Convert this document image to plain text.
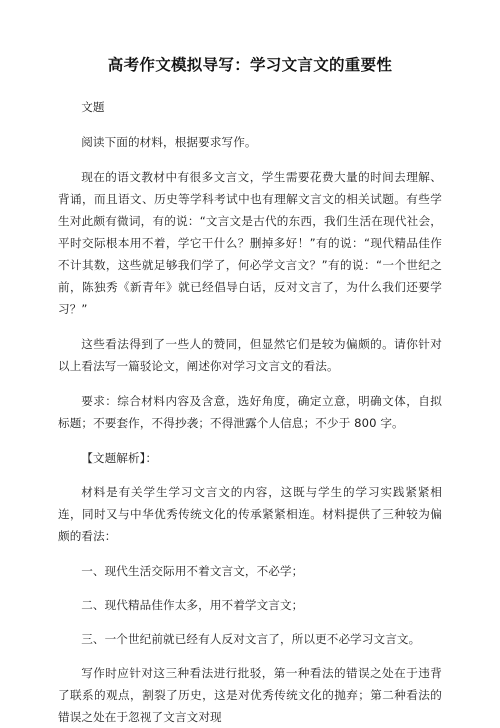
高考作文模拟导写：学习文言文的重要性

文题

阅读下面的材料，根据要求写作。

现在的语文教材中有很多文言文，学生需要花费大量的时间去理解、背诵，而且语文、历史等学科考试中也有理解文言文的相关试题。有些学生对此颇有微词，有的说：“文言文是古代的东西，我们生活在现代社会，平时交际根本用不着，学它干什么？删掉多好！”有的说：“现代精品佳作不计其数，这些就足够我们学了，何必学文言文？”有的说：“一个世纪之前，陈独秀《新青年》就已经倡导白话，反对文言了，为什么我们还要学习？”

这些看法得到了一些人的赞同，但显然它们是较为偏颇的。请你针对以上看法写一篇驳论文，阐述你对学习文言文的看法。

要求：综合材料内容及含意，选好角度，确定立意，明确文体，自拟标题；不要套作，不得抄袭；不得泄露个人信息；不少于 800 字。

【文题解析】：

材料是有关学生学习文言文的内容，这既与学生的学习实践紧紧相连，同时又与中华优秀传统文化的传承紧紧相连。材料提供了三种较为偏颇的看法：

一、现代生活交际用不着文言文，不必学；

二、现代精品佳作太多，用不着学文言文；

三、一个世纪前就已经有人反对文言了，所以更不必学习文言文。

写作时应针对这三种看法进行批驳，第一种看法的错误之处在于违背了联系的观点，割裂了历史，这是对优秀传统文化的抛弃；第二种看法的错误之处在于忽视了文言文对现
